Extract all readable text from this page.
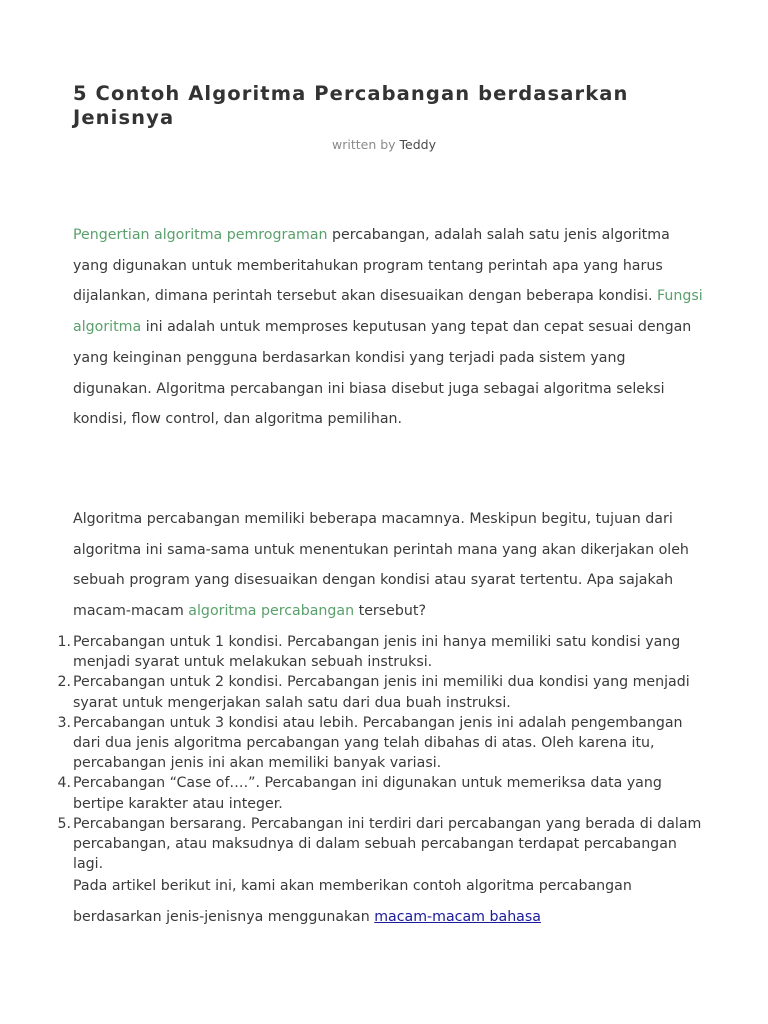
5 Contoh Algoritma Percabangan berdasarkan Jenisnya

written by Teddy

Pengertian algoritma pemrograman percabangan, adalah salah satu jenis algoritma yang digunakan untuk memberitahukan program tentang perintah apa yang harus dijalankan, dimana perintah tersebut akan disesuaikan dengan beberapa kondisi. Fungsi algoritma ini adalah untuk memproses keputusan yang tepat dan cepat sesuai dengan yang keinginan pengguna berdasarkan kondisi yang terjadi pada sistem yang digunakan. Algoritma percabangan ini biasa disebut juga sebagai algoritma seleksi kondisi, flow control, dan algoritma pemilihan.

Algoritma percabangan memiliki beberapa macamnya. Meskipun begitu, tujuan dari algoritma ini sama-sama untuk menentukan perintah mana yang akan dikerjakan oleh sebuah program yang disesuaikan dengan kondisi atau syarat tertentu. Apa sajakah macam-macam algoritma percabangan tersebut?

1. Percabangan untuk 1 kondisi. Percabangan jenis ini hanya memiliki satu kondisi yang menjadi syarat untuk melakukan sebuah instruksi.
2. Percabangan untuk 2 kondisi. Percabangan jenis ini memiliki dua kondisi yang menjadi syarat untuk mengerjakan salah satu dari dua buah instruksi.
3. Percabangan untuk 3 kondisi atau lebih. Percabangan jenis ini adalah pengembangan dari dua jenis algoritma percabangan yang telah dibahas di atas. Oleh karena itu, percabangan jenis ini akan memiliki banyak variasi.
4. Percabangan “Case of….”. Percabangan ini digunakan untuk memeriksa data yang bertipe karakter atau integer.
5. Percabangan bersarang. Percabangan ini terdiri dari percabangan yang berada di dalam percabangan, atau maksudnya di dalam sebuah percabangan terdapat percabangan lagi.

Pada artikel berikut ini, kami akan memberikan contoh algoritma percabangan berdasarkan jenis-jenisnya menggunakan macam-macam bahasa
